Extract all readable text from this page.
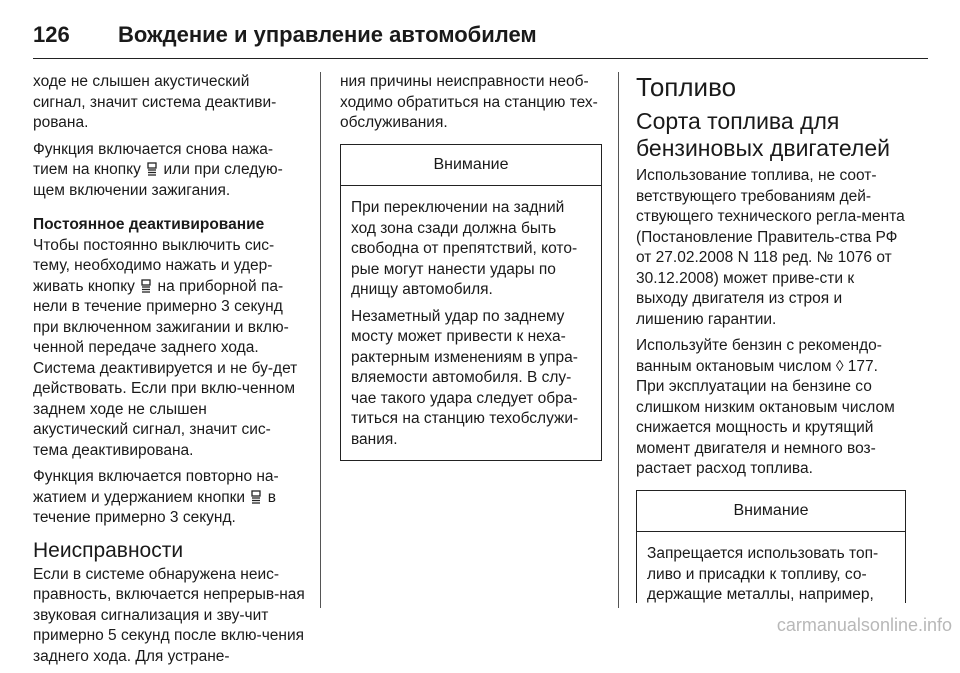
126 Вождение и управление автомобилем

ходе не слышен акустический сигнал, значит система деактиви-рована.

Функция включается снова нажа-тием на кнопку или при следую-щем включении зажигания.

Постоянное деактивирование

Чтобы постоянно выключить сис-тему, необходимо нажать и удер-живать кнопку на приборной па-нели в течение примерно 3 секунд при включенном зажигании и вклю-ченной передаче заднего хода. Система деактивируется и не бу-дет действовать. Если при вклю-ченном заднем ходе не слышен акустический сигнал, значит сис-тема деактивирована.

Функция включается повторно на-жатием и удержанием кнопки в течение примерно 3 секунд.

Неисправности

Если в системе обнаружена неис-правность, включается непрерыв-ная звуковая сигнализация и зву-чит примерно 5 секунд после вклю-чения заднего хода. Для устране-

ния причины неисправности необ-ходимо обратиться на станцию тех-обслуживания.

Внимание

При переключении на задний ход зона сзади должна быть свободна от препятствий, кото-рые могут нанести удары по днищу автомобиля.

Незаметный удар по заднему мосту может привести к неха-рактерным изменениям в упра-вляемости автомобиля. В слу-чае такого удара следует обра-титься на станцию техобслужи-вания.

Топливо

Сорта топлива для бензиновых двигателей

Использование топлива, не соот-ветствующего требованиям дей-ствующего технического регла-мента (Постановление Правитель-ства РФ от 27.02.2008 N 118 ред. № 1076 от 30.12.2008) может приве-сти к выходу двигателя из строя и лишению гарантии.

Используйте бензин с рекомендо-ванным октановым числом ◊ 177. При эксплуатации на бензине со слишком низким октановым числом снижается мощность и крутящий момент двигателя и немного воз-растает расход топлива.

Внимание

Запрещается использовать топ-ливо и присадки к топливу, со-держащие металлы, например,

carmanualsonline.info
